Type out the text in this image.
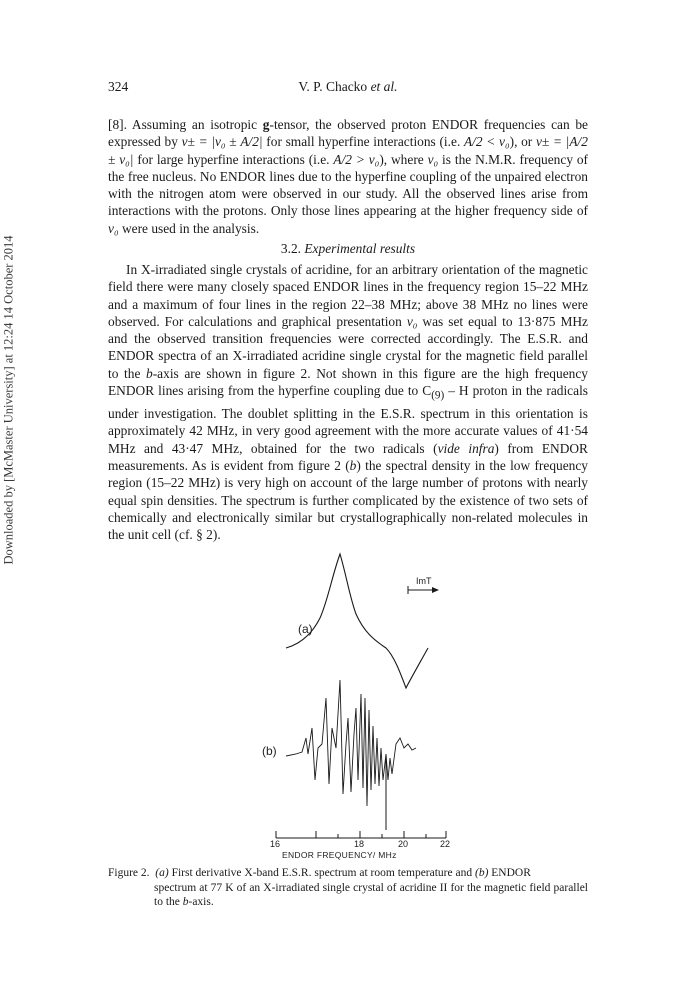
Downloaded by [McMaster University] at 12:24 14 October 2014
324	V. P. Chacko et al.

[8]. Assuming an isotropic g-tensor, the observed proton ENDOR frequencies can be expressed by ν± = |ν₀ ± A/2| for small hyperfine interactions (i.e. A/2 < ν₀), or ν± = |A/2 ± ν₀| for large hyperfine interactions (i.e. A/2 > ν₀), where ν₀ is the N.M.R. frequency of the free nucleus. No ENDOR lines due to the hyperfine coupling of the unpaired electron with the nitrogen atom were observed in our study. All the observed lines arise from interactions with the protons. Only those lines appearing at the higher frequency side of ν₀ were used in the analysis.

3.2. Experimental results

In X-irradiated single crystals of acridine, for an arbitrary orientation of the magnetic field there were many closely spaced ENDOR lines in the frequency region 15–22 MHz and a maximum of four lines in the region 22–38 MHz; above 38 MHz no lines were observed. For calculations and graphical presentation ν₀ was set equal to 13·875 MHz and the observed transition frequencies were corrected accordingly. The E.S.R. and ENDOR spectra of an X-irradiated acridine single crystal for the magnetic field parallel to the b-axis are shown in figure 2. Not shown in this figure are the high frequency ENDOR lines arising from the hyperfine coupling due to $C_{(9)}$ – H proton in the radicals under investigation. The doublet splitting in the E.S.R. spectrum in this orientation is approximately 42 MHz, in very good agreement with the more accurate values of 41·54 MHz and 43·47 MHz, obtained for the two radicals (vide infra) from ENDOR measurements. As is evident from figure 2 (b) the spectral density in the low frequency region (15–22 MHz) is very high on account of the large number of protons with nearly equal spin densities. The spectrum is further complicated by the existence of two sets of chemically and electronically similar but crystallographically non-related molecules in the unit cell (cf. § 2).

(a)
(b)
ImT
16	18	20	22
ENDOR FREQUENCY/ MHz
Figure 2. (a) First derivative X-band E.S.R. spectrum at room temperature and (b) ENDOR
spectrum at 77 K of an X-irradiated single crystal of acridine II for the magnetic field parallel to the b-axis.
